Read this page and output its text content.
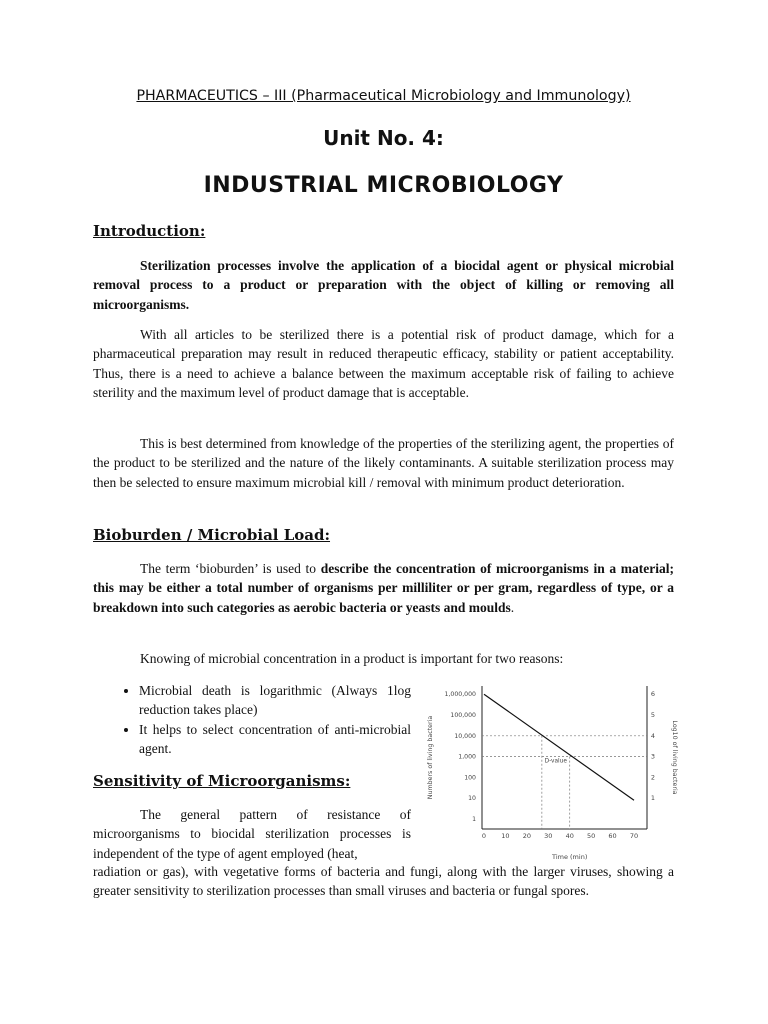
PHARMACEUTICS – III (Pharmaceutical Microbiology and Immunology)
Unit No. 4:
INDUSTRIAL MICROBIOLOGY
Introduction:

Sterilization processes involve the application of a biocidal agent or physical microbial removal process to a product or preparation with the object of killing or removing all microorganisms.

With all articles to be sterilized there is a potential risk of product damage, which for a pharmaceutical preparation may result in reduced therapeutic efficacy, stability or patient acceptability. Thus, there is a need to achieve a balance between the maximum acceptable risk of failing to achieve sterility and the maximum level of product damage that is acceptable.

This is best determined from knowledge of the properties of the sterilizing agent, the properties of the product to be sterilized and the nature of the likely contaminants. A suitable sterilization process may then be selected to ensure maximum microbial kill / removal with minimum product deterioration.

Bioburden / Microbial Load:

The term ‘bioburden’ is used to describe the concentration of microorganisms in a material; this may be either a total number of organisms per milliliter or per gram, regardless of type, or a breakdown into such categories as aerobic bacteria or yeasts and moulds.

Knowing of microbial concentration in a product is important for two reasons:

• Microbial death is logarithmic (Always 1log reduction takes place)
• It helps to select concentration of anti-microbial agent.
Sensitivity of Microorganisms:

The general pattern of resistance of microorganisms to biocidal sterilization processes is independent of the type of agent employed (heat,

radiation or gas), with vegetative forms of bacteria and fungi, along with the larger viruses, showing a greater sensitivity to sterilization processes than small viruses and bacteria or fungal spores.

1,000,000
100,000
10,000
1,000
100
10
1
6
5
4
3
2
1
0 10 20 30 40 50 60 70
Time (min)
Numbers of living bacteria	Log10 of living bacteria
D-value
